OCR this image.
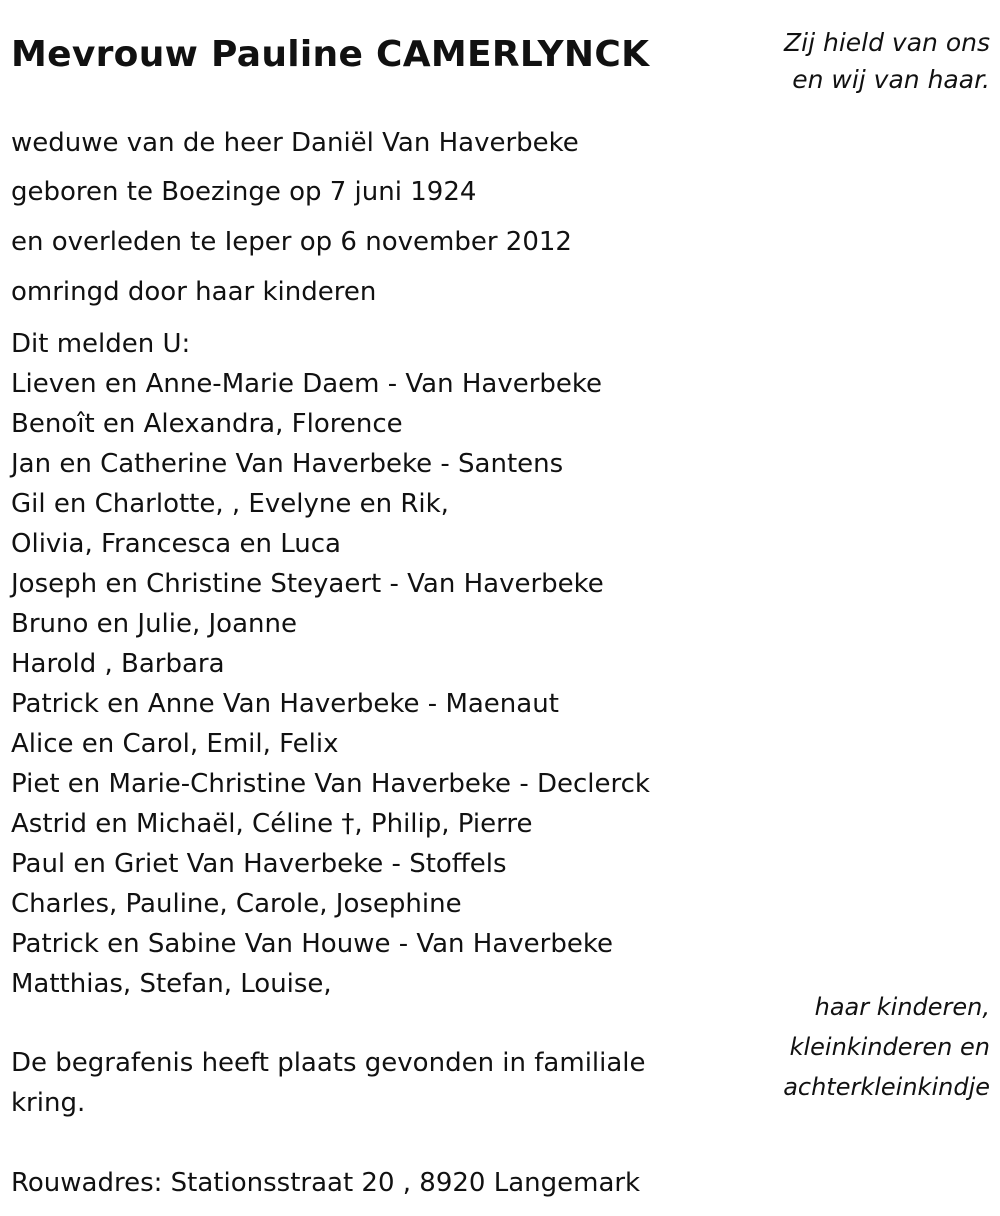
Mevrouw Pauline CAMERLYNCK	Zij hield van ons
en wij van haar.
weduwe van de heer Daniël Van Haverbeke
geboren te Boezinge op 7 juni 1924
en overleden te Ieper op 6 november 2012
omringd door haar kinderen
Dit melden U:
Lieven en Anne-Marie Daem - Van Haverbeke
Benoît en Alexandra, Florence
Jan en Catherine Van Haverbeke - Santens
Gil en Charlotte, , Evelyne en Rik,
Olivia, Francesca en Luca
Joseph en Christine Steyaert - Van Haverbeke
Bruno en Julie, Joanne
Harold , Barbara
Patrick en Anne Van Haverbeke - Maenaut
Alice en Carol, Emil, Felix
Piet en Marie-Christine Van Haverbeke - Declerck
Astrid en Michaël, Céline †, Philip, Pierre
Paul en Griet Van Haverbeke - Stoffels
Charles, Pauline, Carole, Josephine
Patrick en Sabine Van Houwe - Van Haverbeke
Matthias, Stefan, Louise,
haar kinderen,
kleinkinderen en
achterkleinkindje
De begrafenis heeft plaats gevonden in familiale kring.
Rouwadres: Stationsstraat 20 , 8920 Langemark
